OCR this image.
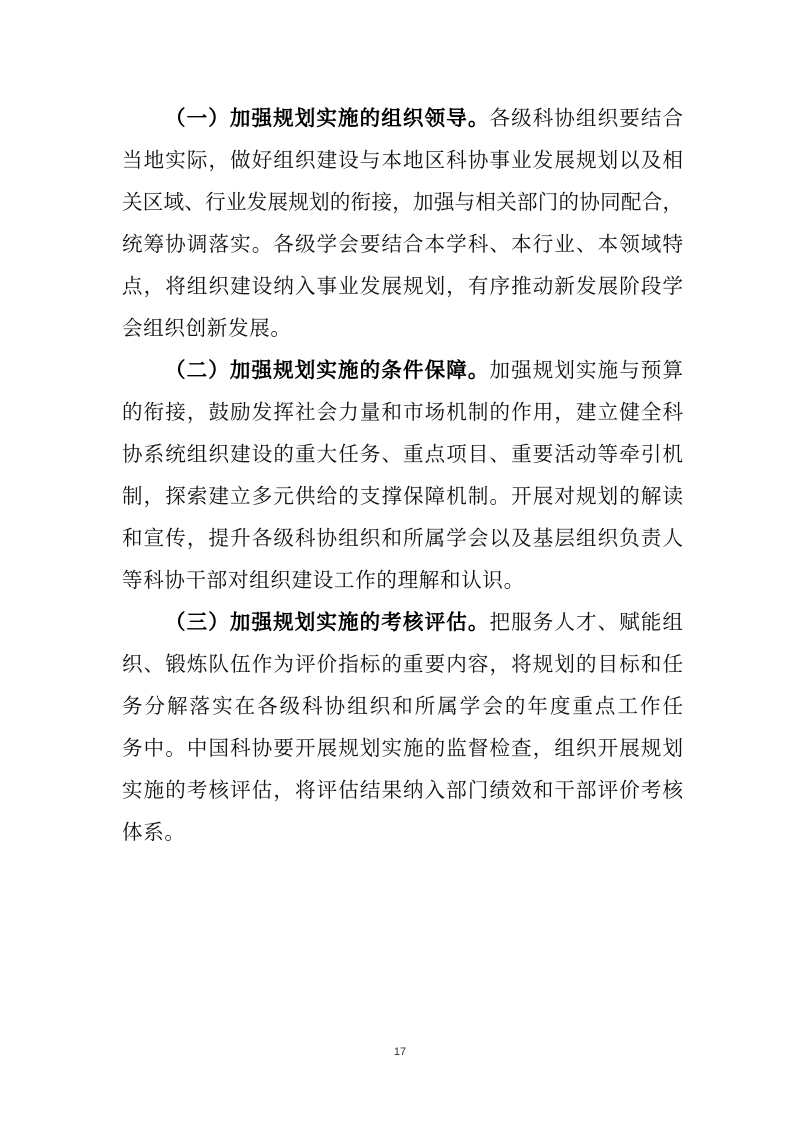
（一）加强规划实施的组织领导。各级科协组织要结合
当地实际，做好组织建设与本地区科协事业发展规划以及相
关区域、行业发展规划的衔接，加强与相关部门的协同配合，
统筹协调落实。各级学会要结合本学科、本行业、本领域特
点，将组织建设纳入事业发展规划，有序推动新发展阶段学
会组织创新发展。
（二）加强规划实施的条件保障。加强规划实施与预算
的衔接，鼓励发挥社会力量和市场机制的作用，建立健全科
协系统组织建设的重大任务、重点项目、重要活动等牵引机
制，探索建立多元供给的支撑保障机制。开展对规划的解读
和宣传，提升各级科协组织和所属学会以及基层组织负责人
等科协干部对组织建设工作的理解和认识。
（三）加强规划实施的考核评估。把服务人才、赋能组
织、锻炼队伍作为评价指标的重要内容，将规划的目标和任
务分解落实在各级科协组织和所属学会的年度重点工作任
务中。中国科协要开展规划实施的监督检查，组织开展规划
实施的考核评估，将评估结果纳入部门绩效和干部评价考核
体系。
17
